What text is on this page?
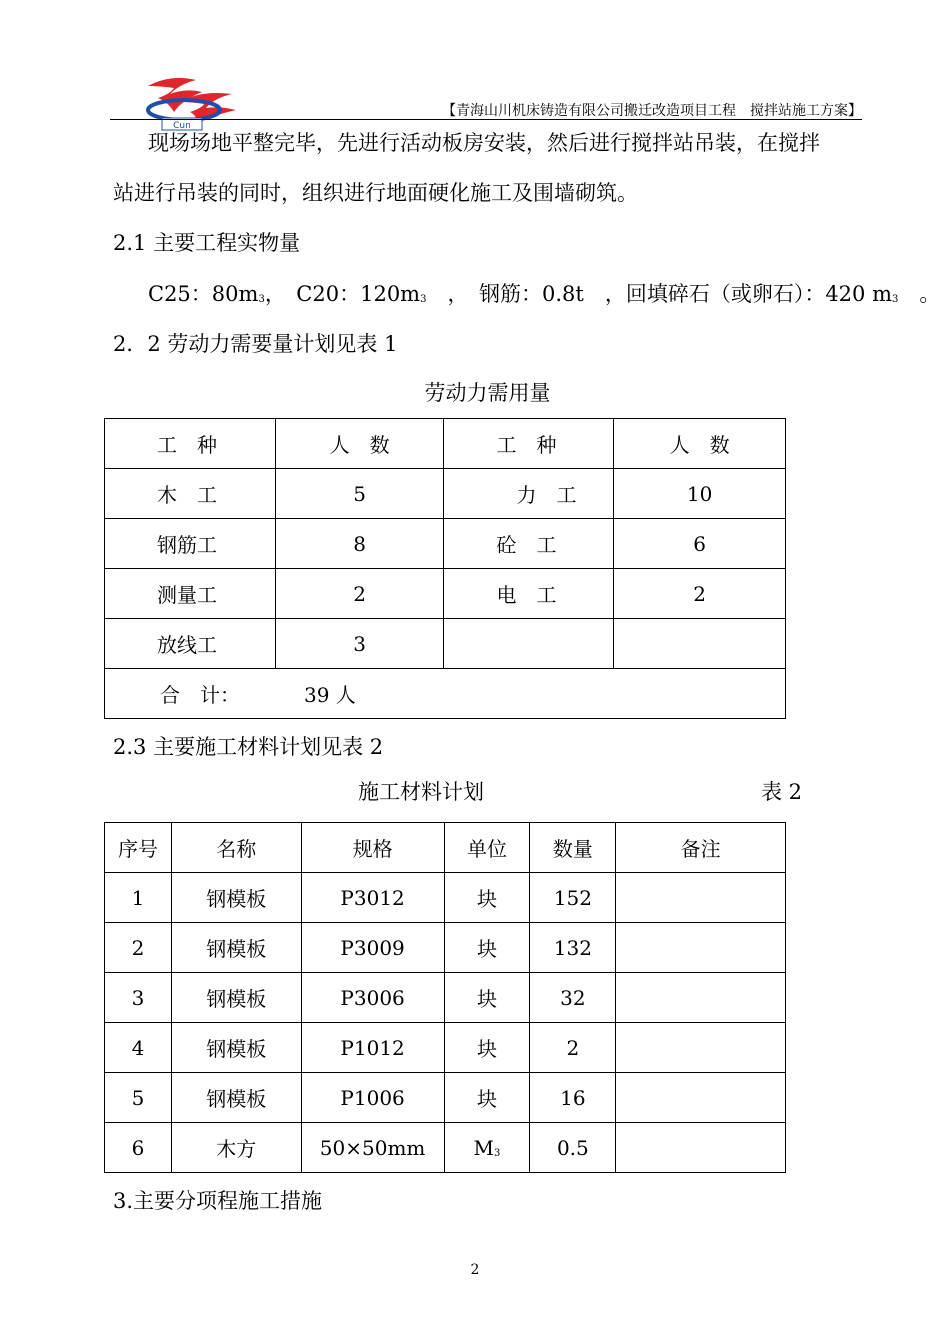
Cun
【青海山川机床铸造有限公司搬迁改造项目工程　搅拌站施工方案】
现场场地平整完毕，先进行活动板房安装，然后进行搅拌站吊装，在搅拌
站进行吊装的同时，组织进行地面硬化施工及围墙砌筑。
2.1 主要工程实物量
C25：$80m_3$，　C20：$120m_3$　，　钢筋：0.8t　，回填碎石（或卵石）：420 $m_3$　。
2．2 劳动力需要量计划见表 1
劳动力需用量
工　种	人　数	工　种	人　数
木　工	5	　力　工	10
钢筋工	8	砼　工	6
测量工	2	电　工	2
放线工	3		
合　计： 39 人			
2.3 主要施工材料计划见表 2
施工材料计划	表 2
序号	名称	规格	单位	数量	备注
1	钢模板	P3012	块	152	
2	钢模板	P3009	块	132	
3	钢模板	P3006	块	32	
4	钢模板	P1012	块	2	
5	钢模板	P1006	块	16	
6	木方	50×50mm	$M_3$	0.5	
3.主要分项程施工措施
2
